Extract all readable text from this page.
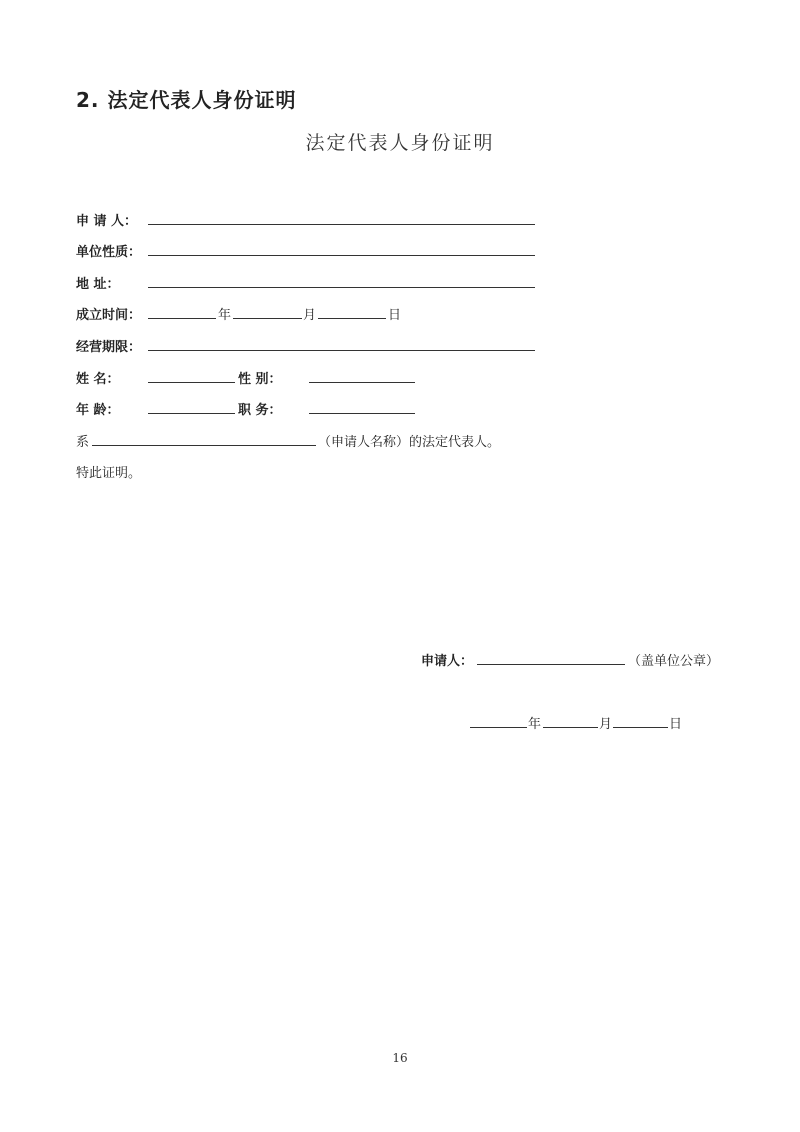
2. 法定代表人身份证明
法定代表人身份证明
申 请 人：
单位性质：
地 址：
成立时间：	年	月	日
经营期限：
姓 名：	性 别：
年 龄：	职 务：
系	（申请人名称）的法定代表人。
特此证明。
申请人：	（盖单位公章）
年	月	日
16
